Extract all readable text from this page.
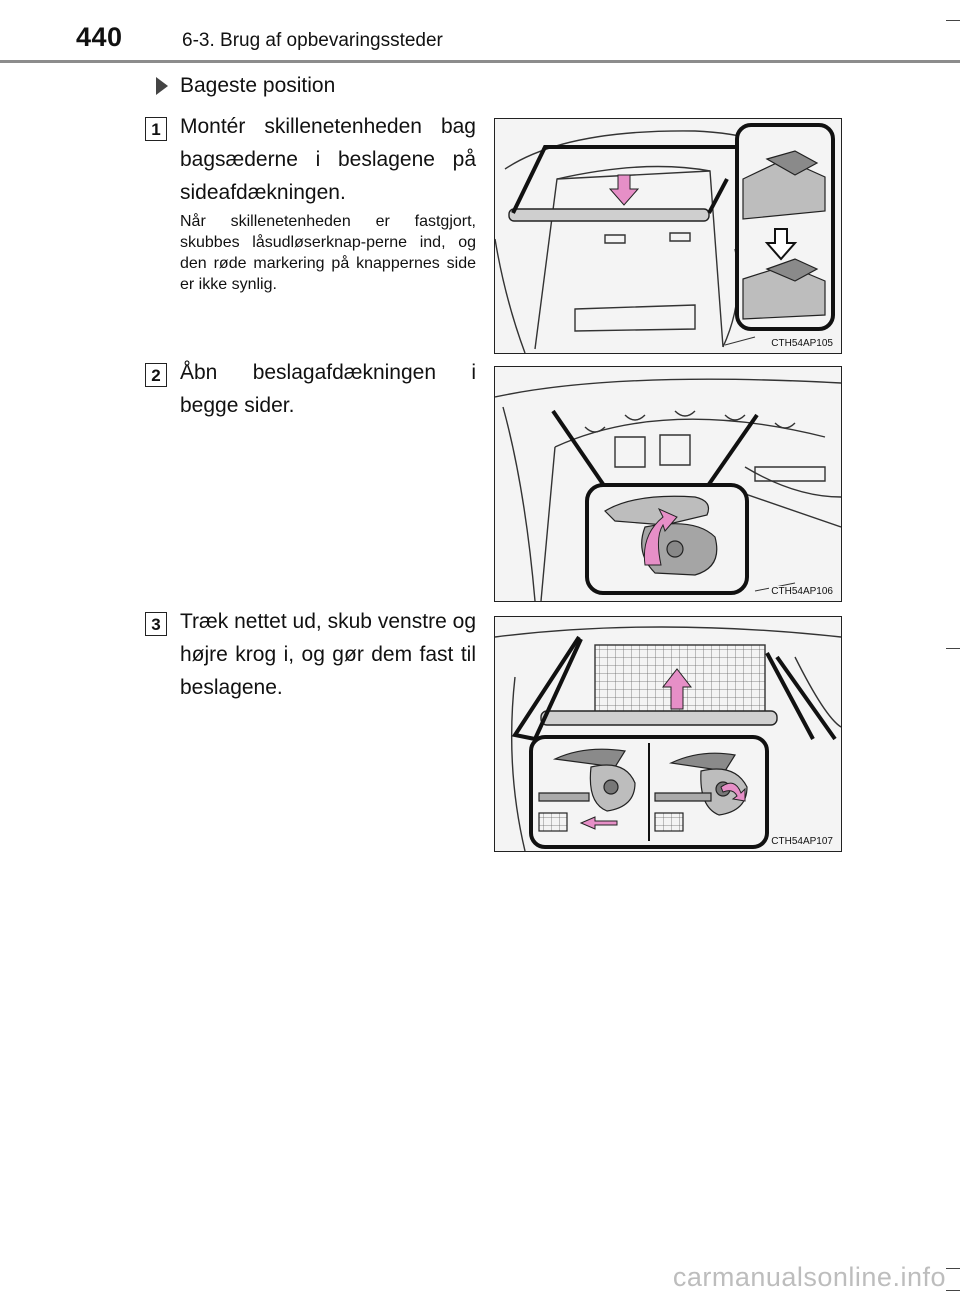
440	6-3. Brug af opbevaringssteder
Bageste position
1 Montér skillenetenheden bag bagsæderne i beslagene på sideafdækningen.
Når skillenetenheden er fastgjort, skubbes låsudløserknap-perne ind, og den røde markering på knappernes side er ikke synlig.
CTH54AP105
2 Åbn beslagafdækningen i begge sider.
CTH54AP106
3 Træk nettet ud, skub venstre og højre krog i, og gør dem fast til beslagene.
CTH54AP107
carmanualsonline.info
